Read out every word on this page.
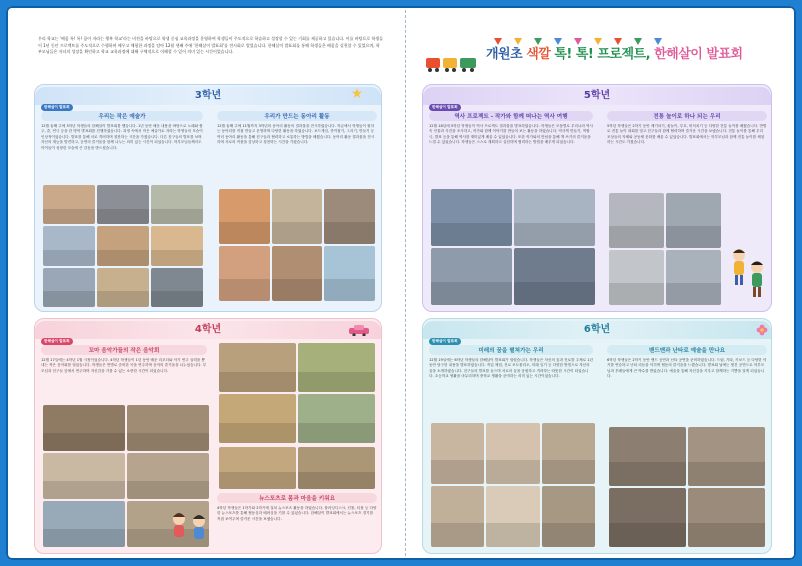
우리 학교는 '배움 톡! 톡! 꿈이 자라는 행복 학교'라는 비전을 바탕으로 학생 중심 교육과정을 운영하여 학생들이 주도적으로 학습하고 성장할 수 있는 기회를 제공하고 있습니다. 이를 바탕으로 학생들이 1년 동안 프로젝트를 주도적으로 수행하며 배우고 체험한 과정을 담아 12월 셋째 주에 '한해살이 발표회'를 전시회로 열었습니다. 한해살이 발표회를 통해 학생들은 배움을 실천할 수 있었으며, 학부모님들은 자녀의 성장을 확인하고 학교 교육과정에 대해 구체적으로 이해할 수 있어 의미 있는 시간이었습니다.
3학년
한해살이 발표회
우리는 작은 예술가
12월 둘째 주에 3학년 학생들의 한해살이 발표회를 했습니다. 1년 동안 배운 내용을 바탕으로 노래와 합주, 춤, 연극 등을 한 명씩 발표회를 진행하였습니다. 과정 속에서 작은 예술가로 자라는 학생들의 모습이 인상적이었습니다. 발표를 통해 서로 격려하며 칭찬하는 시간을 가졌습니다. 다른 친구들의 발표를 보며 자신의 재능을 발견하고, 공연의 즐거움을 함께 나누는 의미 있는 시간이 되었습니다. 학부모님들께서도 아이들이 성장한 모습에 큰 감동을 받으셨습니다.
우리가 만드는 동아리 활동
12월 둘째 주에 11월까지 3학년의 동아리 활동의 결과물을 전시하였습니다. 학급에서 학생들이 원하는 동아리를 직접 만들고 운영하며 다양한 활동을 하였습니다. 보드게임, 종이접기, 그리기, 만들기 등 여러 동아리 활동을 통해 친구들과 협력하고 소통하는 방법을 배웠습니다. 동아리 활동 결과물을 전시하며 서로의 작품을 감상하고 칭찬하는 시간을 가졌습니다.
4학년
한해살이 발표회
꼬마 음악가들의 작은 음악회
12월 17일에는 4학년 1월 시정이었습니다. 4학년 학생들이 1년 동안 배운 리코더와 악기 연주 실력을 뽐내는 작은 음악회를 열었습니다. 학생들은 반별로 준비한 곡을 연주하며 음악의 즐거움을 나누었습니다. 부모님과 친구들 앞에서 연주하며 자신감을 기를 수 있는 소중한 시간이 되었습니다.
뉴스포츠로 몸과 마음을 키워요
4학년 학생들은 1학기와 2학기에 걸쳐 뉴스포츠 활동을 하였습니다. 플라잉디스크, 킨볼, 티볼 등 다양한 뉴스포츠를 통해 협동심과 배려심을 기를 수 있었습니다. 한해살이 발표회에서는 뉴스포츠 경기를 직접 보여주며 즐거운 시간을 보냈습니다.
개원초 색깔 톡! 톡! 프로젝트, 한해살이 발표회
5학년
한해살이 발표회
역사 프로젝트 - 작가와 함께 떠나는 역사 여행
12월 18일에 5학년 학생들이 역사 프로젝트 결과물을 발표하였습니다. 학생들은 모둠별로 우리나라 역사 속 인물과 사건을 조사하고, 작가와 함께 이야기를 만들어 보는 활동을 하였습니다. 역사책 만들기, 역할극, 발표 등을 통해 역사를 재미있게 배울 수 있었습니다. 또한 작가와의 만남을 통해 책 쓰기의 즐거움을 느낄 수 있었습니다. 학생들은 스스로 계획하고 실천하며 협력하는 방법을 배우게 되었습니다.
전통 놀이로 하나 되는 우리
5학년 학생들은 2학기 동안 제기차기, 윷놀이, 투호, 비석치기 등 다양한 전통 놀이를 배웠습니다. 반별로 전통 놀이 대회를 열고 친구들과 함께 협력하며 즐거운 시간을 보냈습니다. 전통 놀이를 통해 우리 조상들의 지혜와 공동체 문화를 배울 수 있었습니다. 발표회에서는 학부모님과 함께 전통 놀이를 체험하는 시간도 가졌습니다.
6학년
한해살이 발표회
미래의 꿈을 펼쳐가는 우리
12월 19일에는 6학년 학생들의 한해살이 발표회가 열렸습니다. 학생들은 자신의 꿈과 진로를 주제로 1년 동안 탐구한 내용을 발표하였습니다. 직업 체험, 진로 포트폴리오, 미래 일기 등 다양한 방법으로 자신의 꿈을 소개하였습니다. 친구들의 발표를 들으며 서로의 꿈을 응원하고 격려하는 따뜻한 시간이 되었습니다. 초등학교 생활을 마무리하며 중학교 생활을 준비하는 의미 있는 시간이었습니다.
밴드맨과 난타로 예술을 만나요
6학년 학생들은 2학기 동안 밴드 공연과 난타 공연을 준비하였습니다. 드럼, 기타, 키보드 등 다양한 악기를 연습하고 난타 리듬을 익히며 협동의 즐거움을 느꼈습니다. 발표회 날에는 멋진 공연으로 학부모님과 후배들에게 큰 박수를 받았습니다. 예술을 통해 자신감을 키우고 함께하는 기쁨을 알게 되었습니다.
